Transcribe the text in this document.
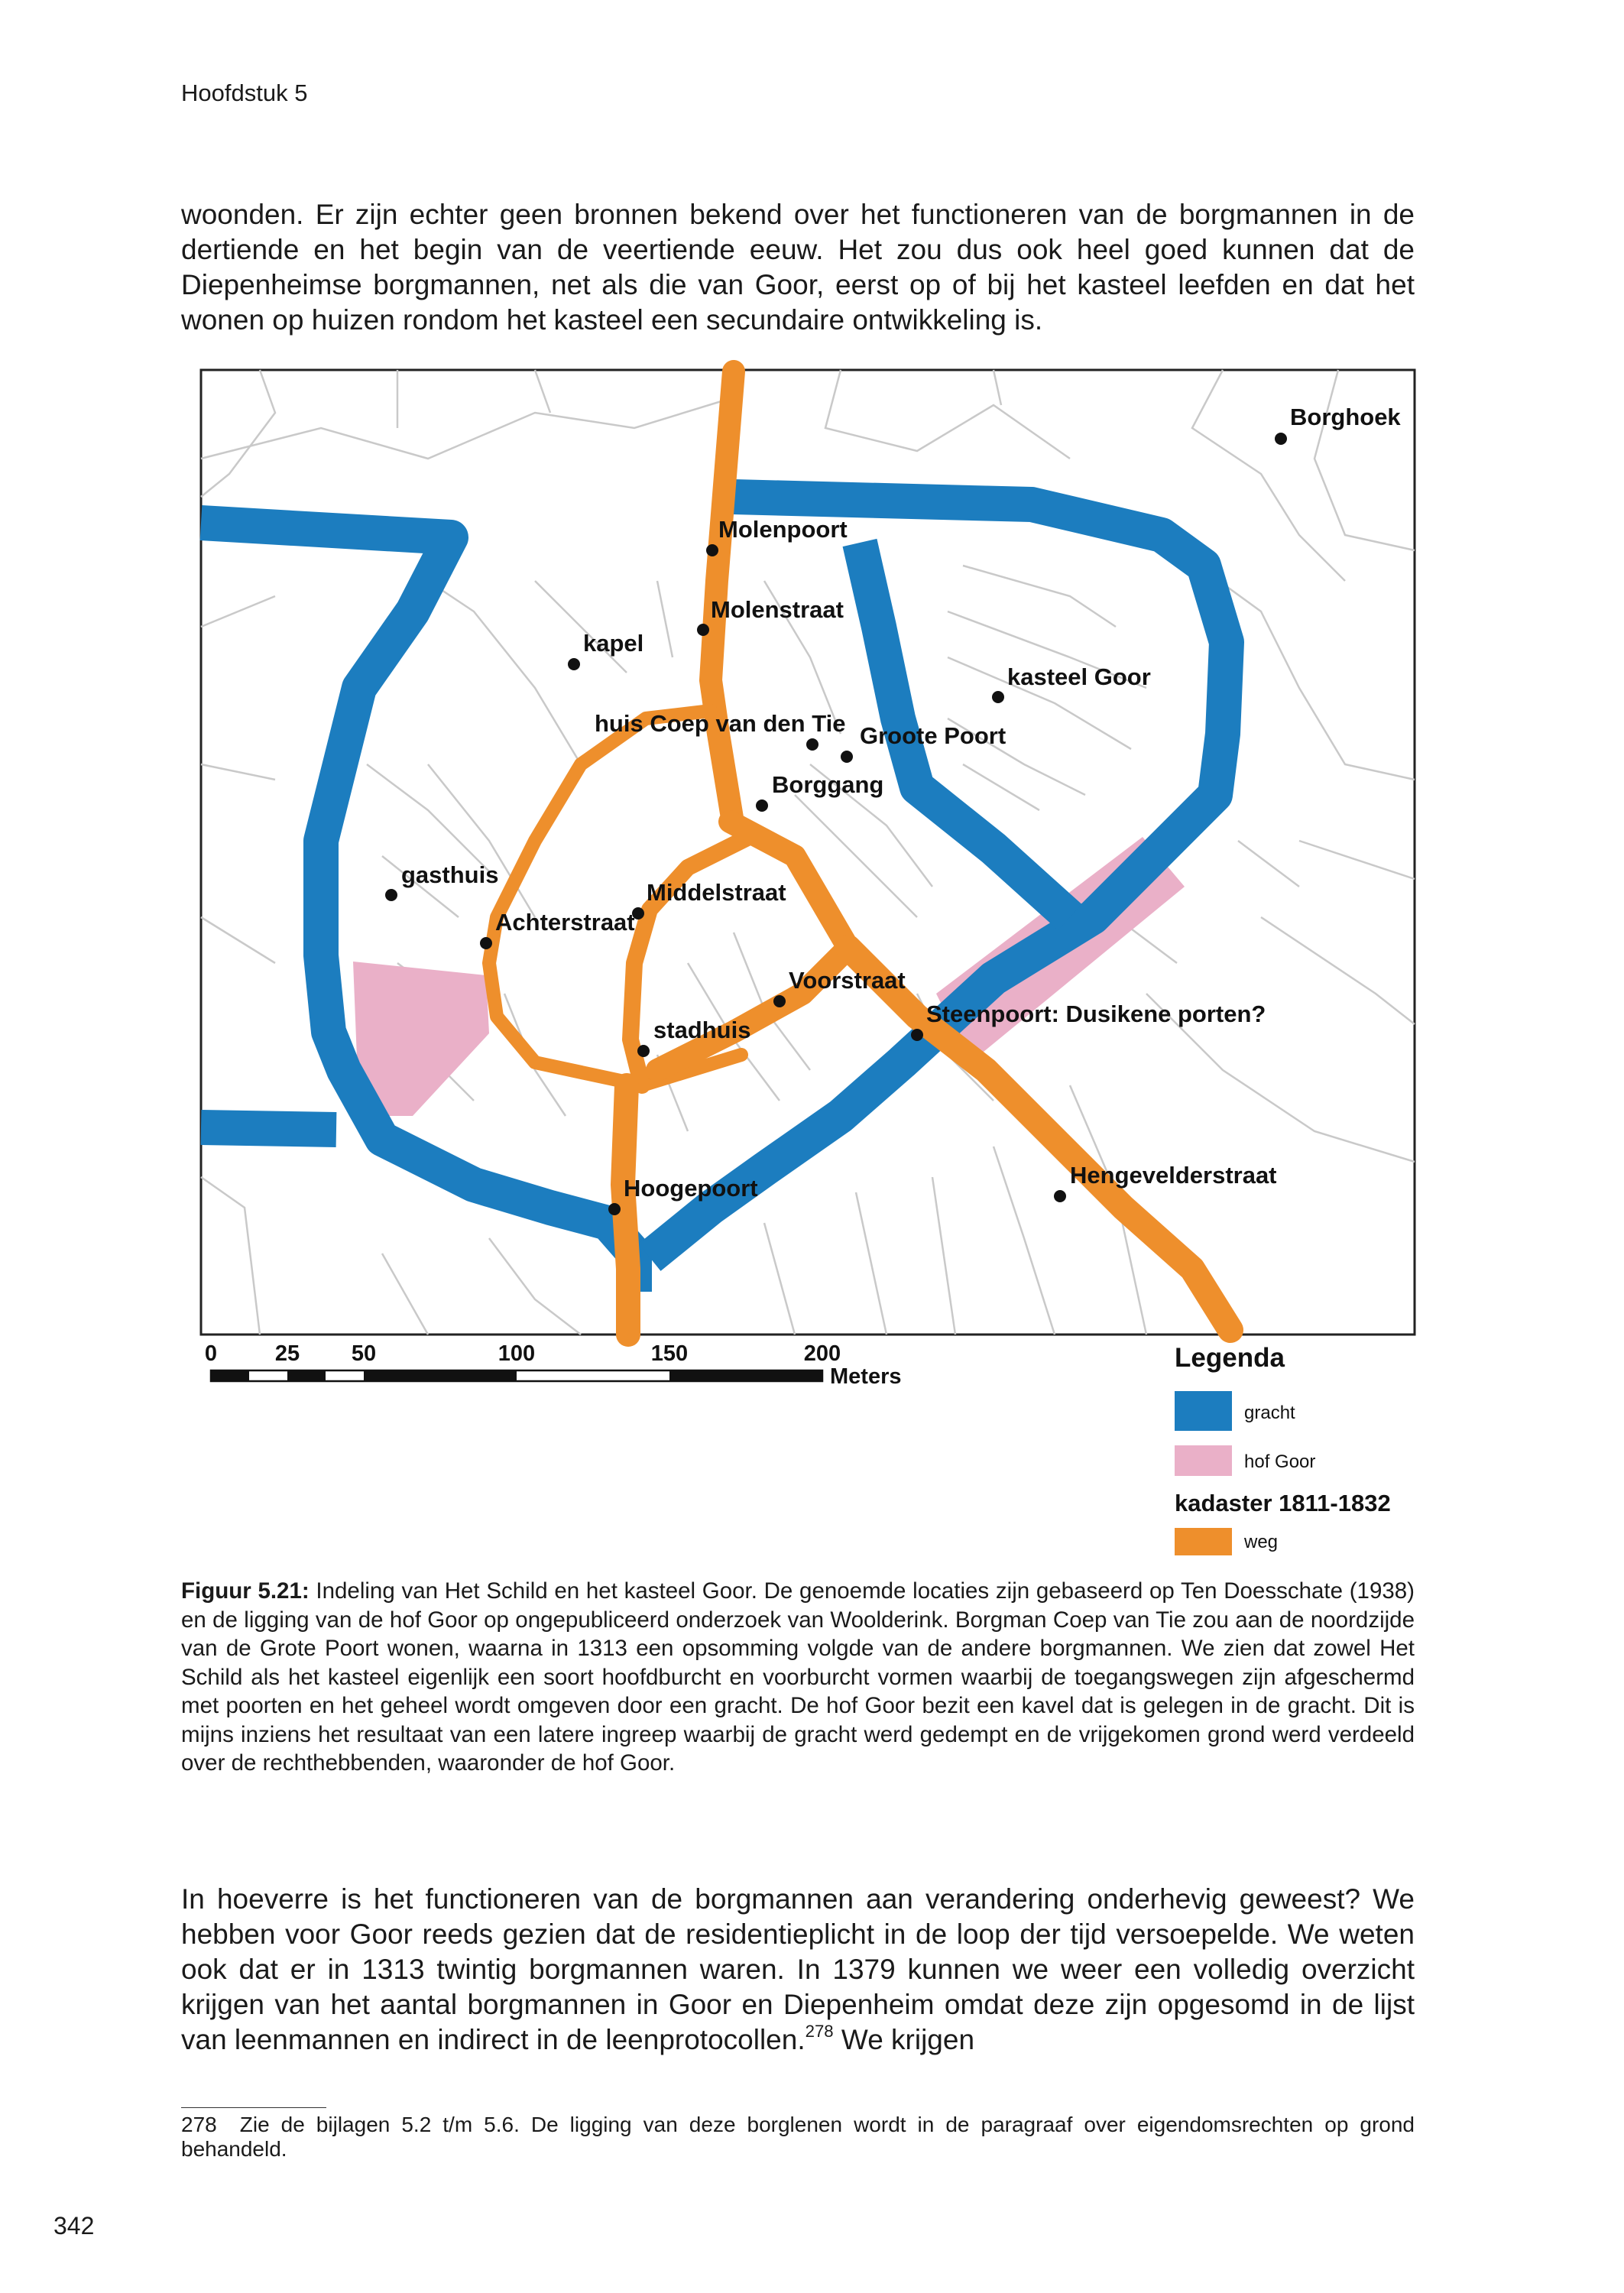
Hoofdstuk 5

woonden. Er zijn echter geen bronnen bekend over het functioneren van de borgmannen in de dertiende en het begin van de veertiende eeuw. Het zou dus ook heel goed kunnen dat de Diepenheimse borgmannen, net als die van Goor, eerst op of bij het kasteel leefden en dat het wonen op huizen rondom het kasteel een secundaire ontwikkeling is.

Borghoek
Molenpoort
Molenstraat
kapel
kasteel Goor
huis Coep van den Tie Groote Poort
Borggang
gasthuis
Middelstraat
Achterstraat
Voorstraat
stadhuis
Steenpoort: Dusikene porten?
Hoogepoort	Hengevelderstraat
0	25 50	100	150	200
Meters
Legenda
gracht
hof Goor
kadaster 1811-1832
weg

Figuur 5.21: Indeling van Het Schild en het kasteel Goor. De genoemde locaties zijn gebaseerd op Ten Doesschate (1938) en de ligging van de hof Goor op ongepubliceerd onderzoek van Woolderink. Borgman Coep van Tie zou aan de noordzijde van de Grote Poort wonen, waarna in 1313 een opsomming volgde van de andere borgmannen. We zien dat zowel Het Schild als het kasteel eigenlijk een soort hoofdburcht en voorburcht vormen waarbij de toegangswegen zijn afgeschermd met poorten en het geheel wordt omgeven door een gracht. De hof Goor bezit een kavel dat is gelegen in de gracht. Dit is mijns inziens het resultaat van een latere ingreep waarbij de gracht werd gedempt en de vrijgekomen grond werd verdeeld over de rechthebbenden, waaronder de hof Goor.

In hoeverre is het functioneren van de borgmannen aan verandering onderhevig geweest? We hebben voor Goor reeds gezien dat de residentieplicht in de loop der tijd versoepelde. We weten ook dat er in 1313 twintig borgmannen waren. In 1379 kunnen we weer een volledig overzicht krijgen van het aantal borgmannen in Goor en Diepenheim omdat deze zijn opgesomd in de lijst van leenmannen en indirect in de leenprotocollen.$^{278}$ We krijgen

278 Zie de bijlagen 5.2 t/m 5.6. De ligging van deze borglenen wordt in de paragraaf over eigendomsrechten op grond behandeld.

342
